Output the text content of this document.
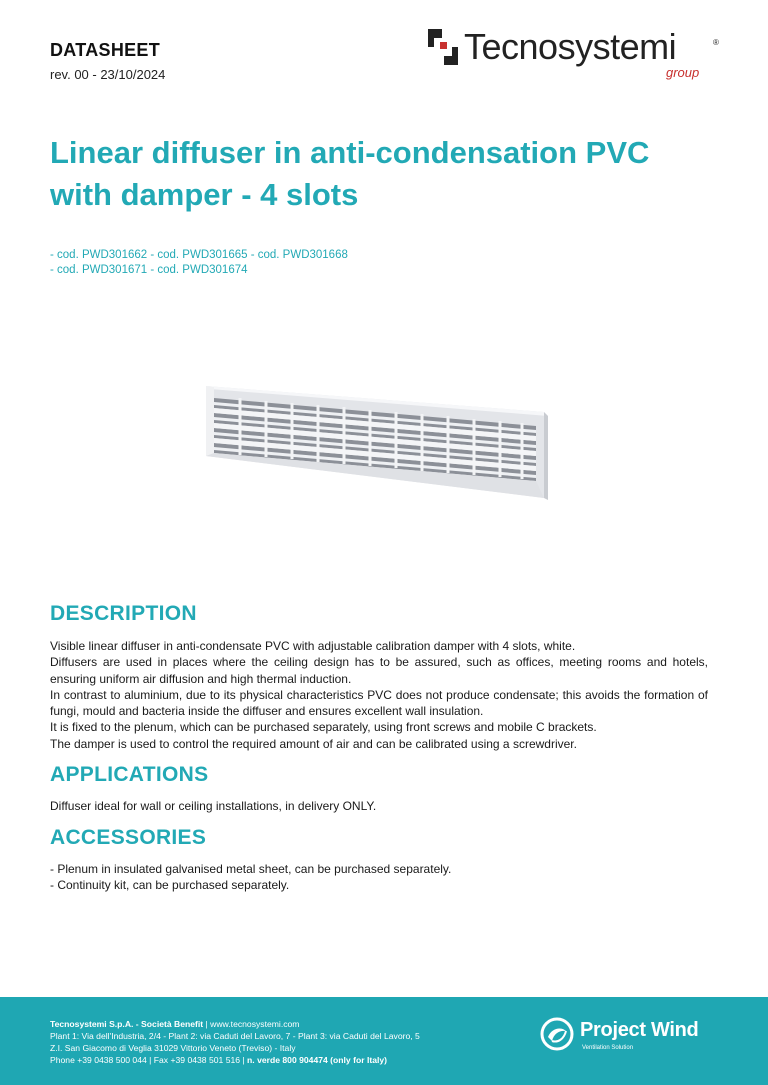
DATASHEET
rev. 00 - 23/10/2024
Tecnosystemi	®
group
Linear diffuser in anti-condensation PVC
with damper - 4 slots
- cod. PWD301662 - cod. PWD301665 - cod. PWD301668
- cod. PWD301671 - cod. PWD301674
DESCRIPTION

Visible linear diffuser in anti-condensate PVC with adjustable calibration damper with 4 slots, white.

Diffusers are used in places where the ceiling design has to be assured, such as offices, meeting rooms and hotels, ensuring uniform air diffusion and high thermal induction.

In contrast to aluminium, due to its physical characteristics PVC does not produce condensate; this avoids the formation of fungi, mould and bacteria inside the diffuser and ensures excellent wall insulation.

It is fixed to the plenum, which can be purchased separately, using front screws and mobile C brackets.

The damper is used to control the required amount of air and can be calibrated using a screwdriver.

APPLICATIONS

Diffuser ideal for wall or ceiling installations, in delivery ONLY.

ACCESSORIES

- Plenum in insulated galvanised metal sheet, can be purchased separately.

- Continuity kit, can be purchased separately.

Tecnosystemi S.p.A. - Società Benefit | www.tecnosystemi.com
Plant 1: Via dell'Industria, 2/4 - Plant 2: via Caduti del Lavoro, 7 - Plant 3: via Caduti del Lavoro, 5
Z.I. San Giacomo di Veglia 31029 Vittorio Veneto (Treviso) - Italy
Phone +39 0438 500 044 | Fax +39 0438 501 516 | n. verde 800 904474 (only for Italy)
Project Wind
Ventilation Solution
